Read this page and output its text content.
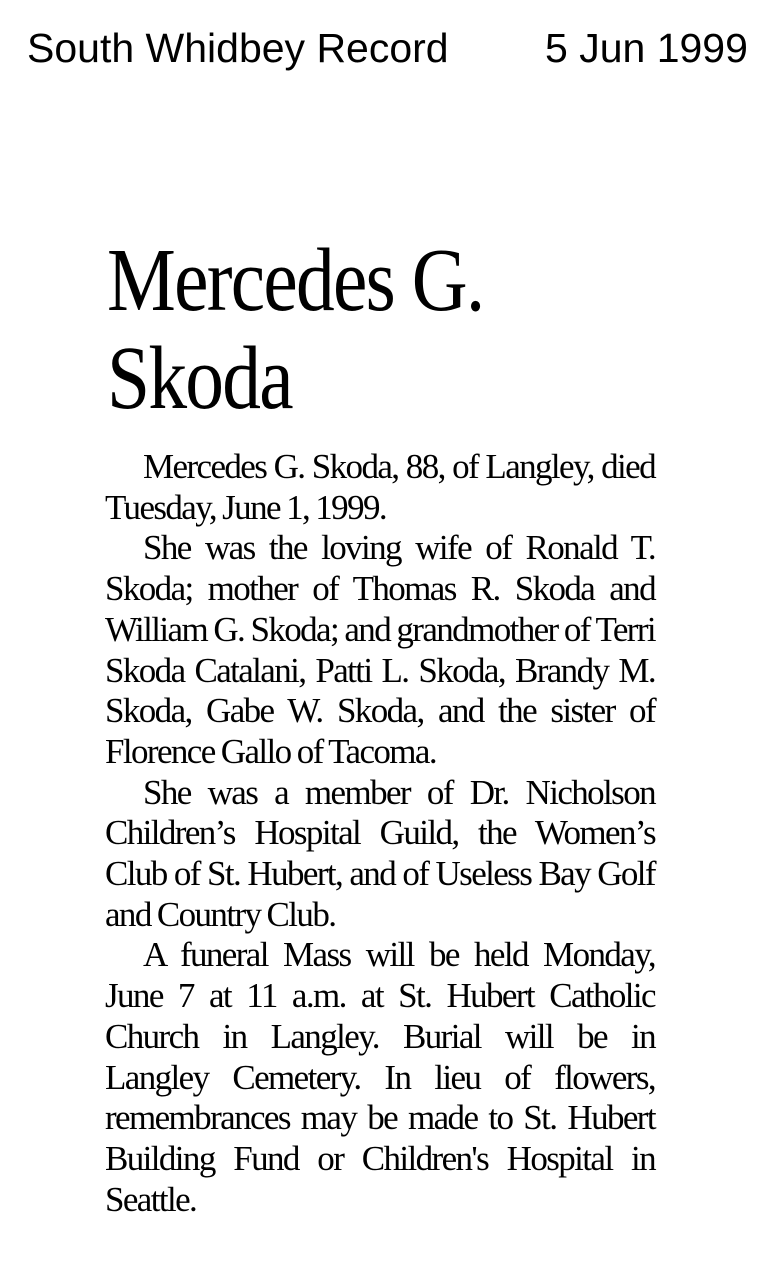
South Whidbey Record 5 Jun 1999
Mercedes G.
Skoda

Mercedes G. Skoda, 88, of Langley, died Tuesday, June 1, 1999.

She was the loving wife of Ronald T. Skoda; mother of Thomas R. Skoda and William G. Skoda; and grandmother of Terri Skoda Catalani, Patti L. Skoda, Brandy M. Skoda, Gabe W. Skoda, and the sister of Florence Gallo of Tacoma.

She was a member of Dr. Nicholson Children’s Hospital Guild, the Women’s Club of St. Hubert, and of Useless Bay Golf and Country Club.

A funeral Mass will be held Monday, June 7 at 11 a.m. at St. Hubert Catholic Church in Langley. Burial will be in Langley Cemetery. In lieu of flowers, remembrances may be made to St. Hubert Building Fund or Children's Hospital in Seattle.
